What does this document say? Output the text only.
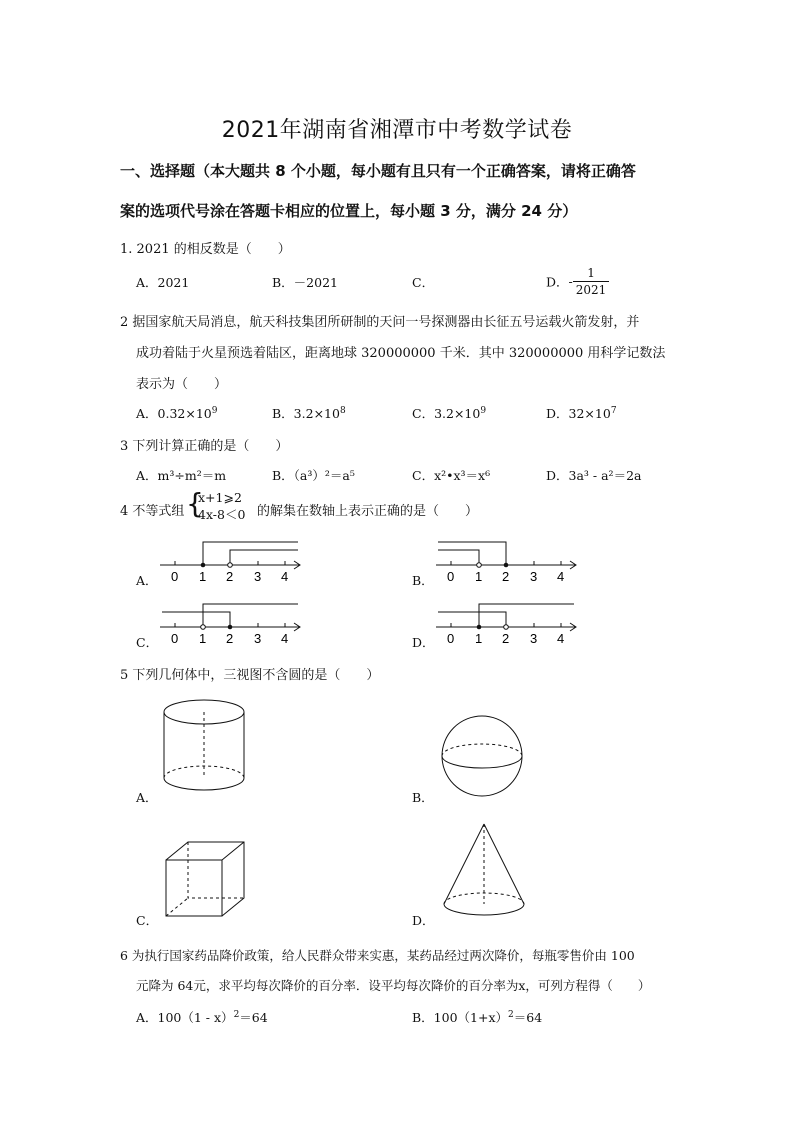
2021年湖南省湘潭市中考数学试卷
一、选择题（本大题共 8 个小题，每小题有且只有一个正确答案，请将正确答
案的选项代号涂在答题卡相应的位置上，每小题 3 分，满分 24 分）
1. 2021 的相反数是（　　）
A．2021	B．－2021	C．	D．- $\frac{1}{2021}$
2 据国家航天局消息，航天科技集团所研制的天问一号探测器由长征五号运载火箭发射，并
成功着陆于火星预选着陆区，距离地球 320000000 千米．其中 320000000 用科学记数法
表示为（　　）
A．$0.32\times 10^9$	B．$3.2\times 10^8$	C．$3.2\times 10^9$	D．$32\times 10^7$
3 下列计算正确的是（　　）
A．m³÷m²＝m	B．（a³）²＝a⁵	C．x²•x³＝x⁶	D．3a³ - a²＝2a
4 不等式组 {
x+1⩾2
4x-8＜0 的解集在数轴上表示正确的是（　　）
A．	B．
C．	D．
0 1 2 3 4	0 1 2 3 4
0 1 2 3 4	0 1 2 3 4
5 下列几何体中，三视图不含圆的是（　　）
A．	B．
C．	D．
6 为执行国家药品降价政策，给人民群众带来实惠，某药品经过两次降价，每瓶零售价由 100
元降为 64元，求平均每次降价的百分率．设平均每次降价的百分率为x，可列方程得（　　）
A．100（1 - x）$^2$＝64	B．$100(1+x)^2=64$
